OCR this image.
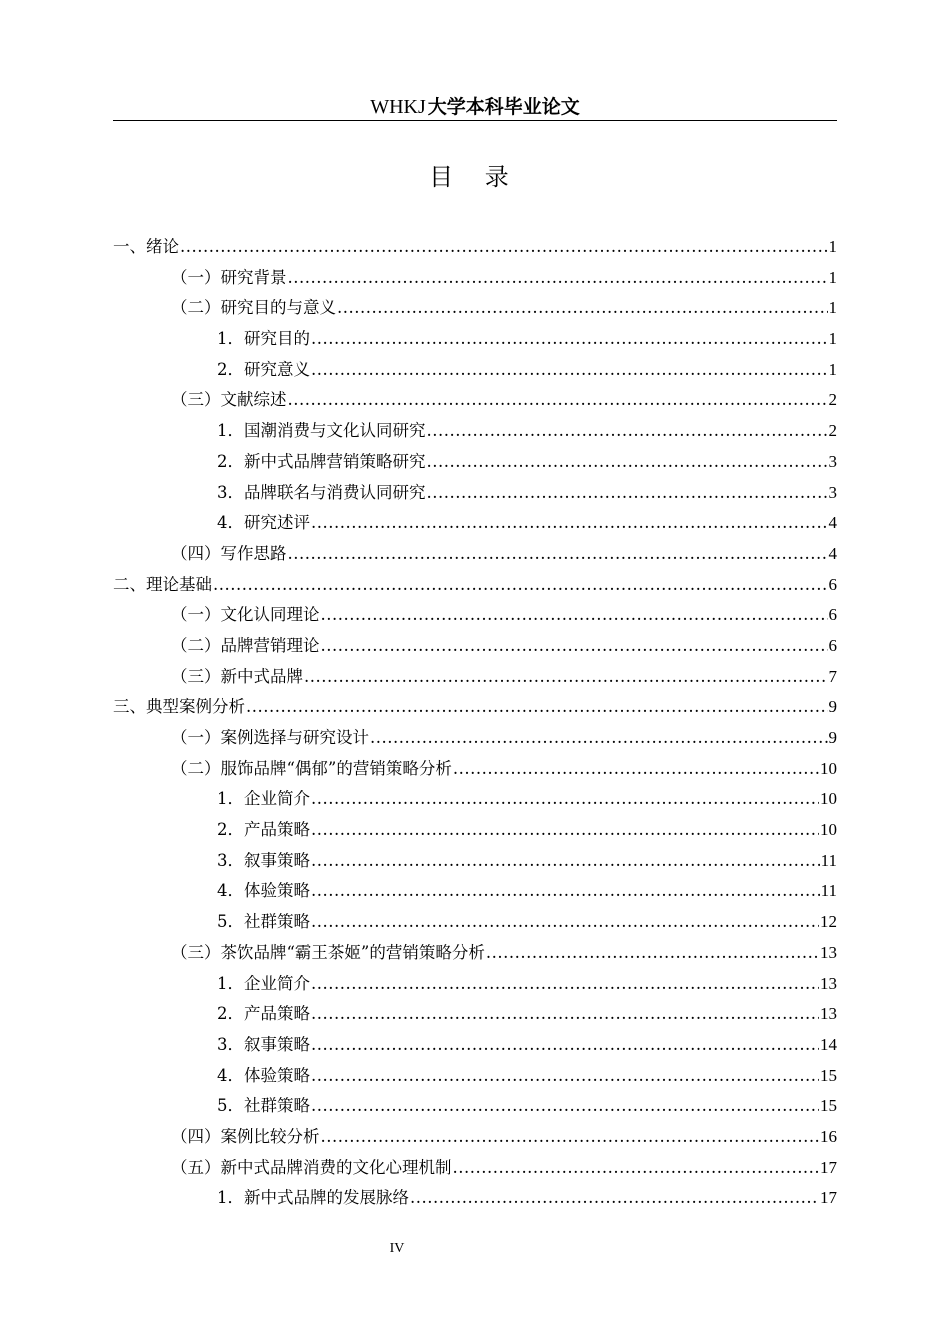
WHKJ 大学本科毕业论文
目 录
一、绪论 .....	1
（一）研究背景 .....	1
（二）研究目的与意义 .....	1
1．研究目的 .....	1
2．研究意义 .....	1
（三）文献综述 .....	2
1．国潮消费与文化认同研究 .....	2
2．新中式品牌营销策略研究 .....	3
3．品牌联名与消费认同研究 .....	3
4．研究述评 .....	4
（四）写作思路 .....	4
二、理论基础 .....	6
（一）文化认同理论 .....	6
（二）品牌营销理论 .....	6
（三）新中式品牌 .....	7
三、典型案例分析 .....	9
（一）案例选择与研究设计 .....	9
（二）服饰品牌“偶郁”的营销策略分析 .....	10
1．企业简介 .....	10
2．产品策略 .....	10
3．叙事策略 .....	11
4．体验策略 .....	11
5．社群策略 .....	12
（三）茶饮品牌“霸王茶姬”的营销策略分析 .....	13
1．企业简介 .....	13
2．产品策略 .....	13
3．叙事策略 .....	14
4．体验策略 .....	15
5．社群策略 .....	15
（四）案例比较分析 .....	16
（五）新中式品牌消费的文化心理机制 .....	17
1．新中式品牌的发展脉络 .....	17
IV
